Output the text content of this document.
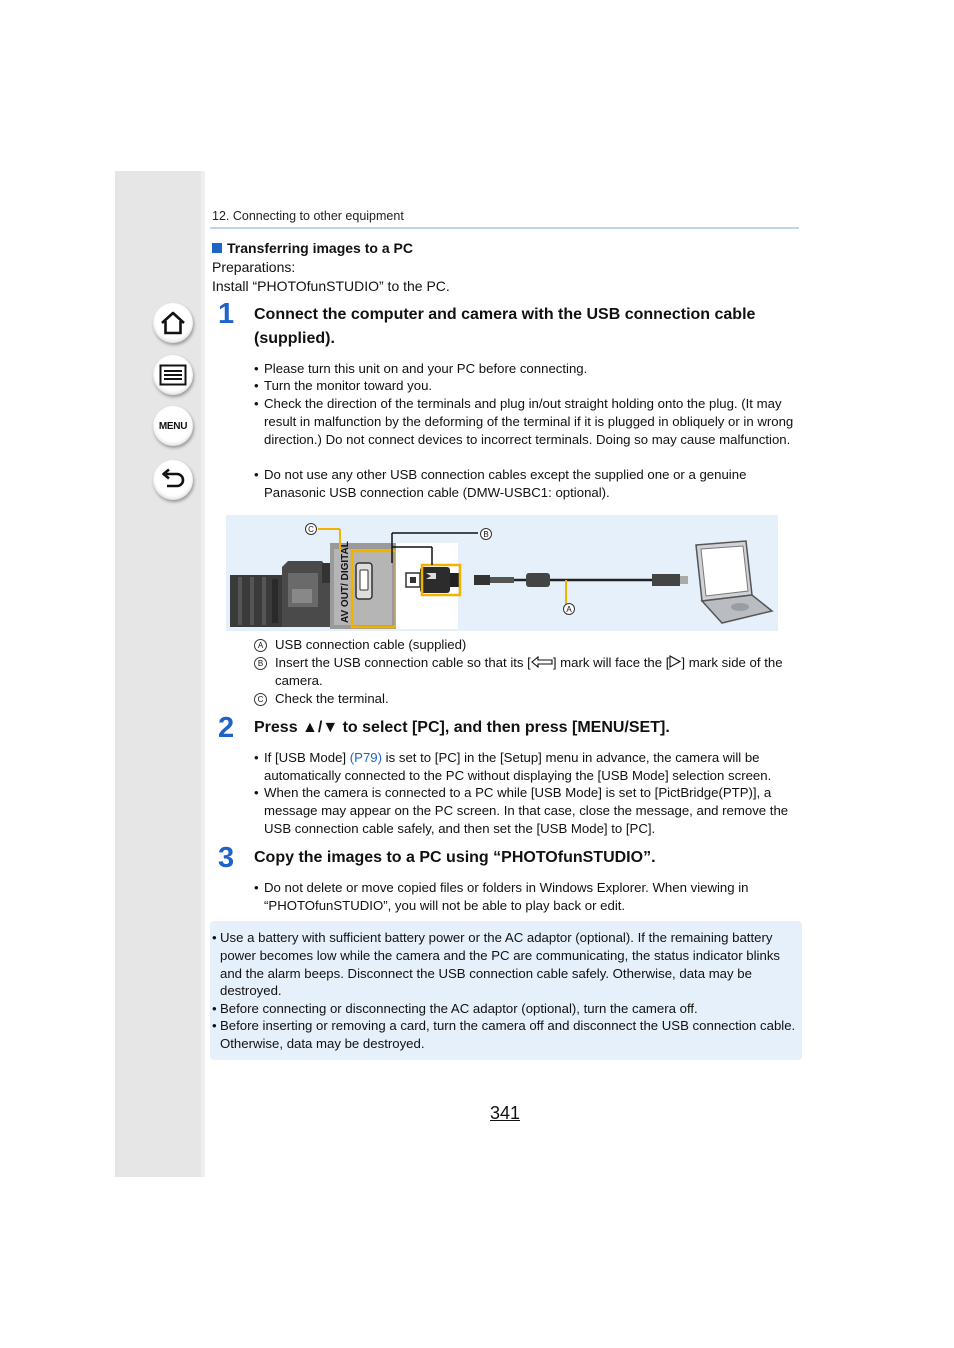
MENU
12. Connecting to other equipment
Transferring images to a PC
Preparations:
Install “PHOTOfunSTUDIO” to the PC.
1 Connect the computer and camera with the USB connection cable (supplied).
• Please turn this unit on and your PC before connecting.
• Turn the monitor toward you.
• Check the direction of the terminals and plug in/out straight holding onto the plug. (It may result in malfunction by the deforming of the terminal if it is plugged in obliquely or in wrong direction.) Do not connect devices to incorrect terminals. Doing so may cause malfunction.
• Do not use any other USB connection cables except the supplied one or a genuine Panasonic USB connection cable (DMW-USBC1: optional).
AV OUT/ DIGITAL
C
B
A
A USB connection cable (supplied)
B Insert the USB connection cable so that its [ ] mark will face the [ ] mark side of the camera.
C Check the terminal.
2 Press ▲/▼ to select [PC], and then press [MENU/SET].
• If [USB Mode] (P79) is set to [PC] in the [Setup] menu in advance, the camera will be automatically connected to the PC without displaying the [USB Mode] selection screen.
• When the camera is connected to a PC while [USB Mode] is set to [PictBridge(PTP)], a message may appear on the PC screen. In that case, close the message, and remove the USB connection cable safely, and then set the [USB Mode] to [PC].
3 Copy the images to a PC using “PHOTOfunSTUDIO”.
• Do not delete or move copied files or folders in Windows Explorer. When viewing in “PHOTOfunSTUDIO”, you will not be able to play back or edit.
• Use a battery with sufficient battery power or the AC adaptor (optional). If the remaining battery power becomes low while the camera and the PC are communicating, the status indicator blinks and the alarm beeps. Disconnect the USB connection cable safely. Otherwise, data may be destroyed.
• Before connecting or disconnecting the AC adaptor (optional), turn the camera off.
• Before inserting or removing a card, turn the camera off and disconnect the USB connection cable. Otherwise, data may be destroyed.
341
